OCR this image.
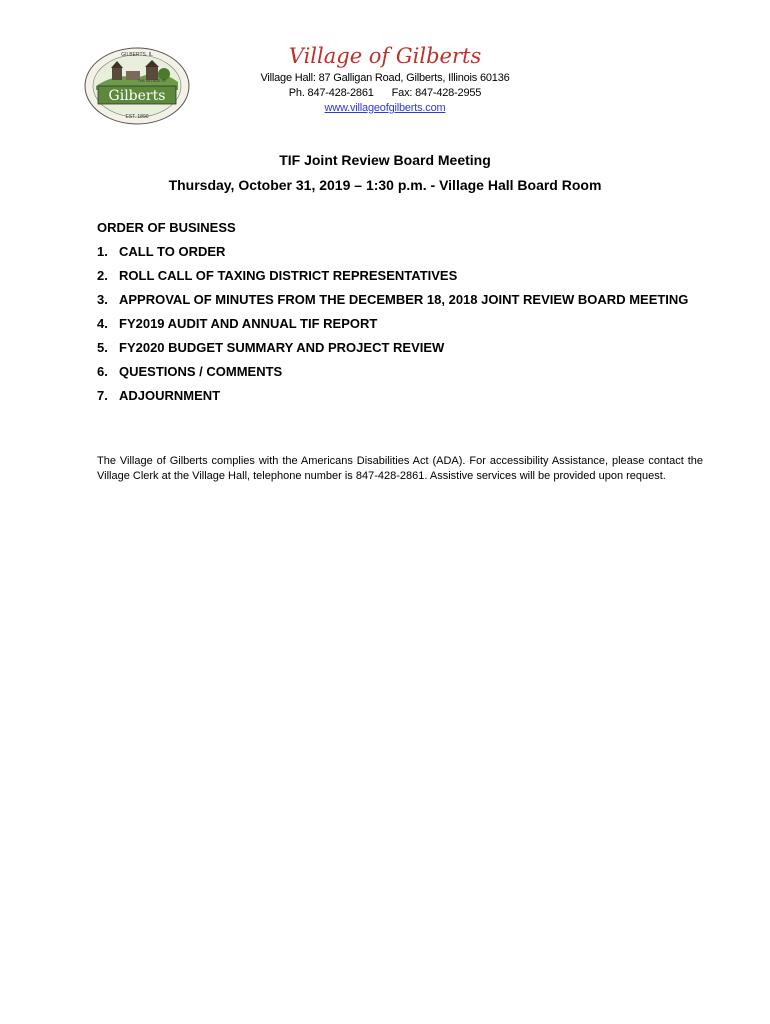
Gilberts
THE VILLAGE OF
GILBERTS, IL
EST. 1890
Village of Gilberts
Village Hall: 87 Galligan Road, Gilberts, Illinois 60136
Ph. 847-428-2861 Fax: 847-428-2955
www.villageofgilberts.com
TIF Joint Review Board Meeting
Thursday, October 31, 2019 – 1:30 p.m. - Village Hall Board Room
ORDER OF BUSINESS
1. CALL TO ORDER
2. ROLL CALL OF TAXING DISTRICT REPRESENTATIVES
3. APPROVAL OF MINUTES FROM THE DECEMBER 18, 2018 JOINT REVIEW BOARD MEETING
4. FY2019 AUDIT AND ANNUAL TIF REPORT
5. FY2020 BUDGET SUMMARY AND PROJECT REVIEW
6. QUESTIONS / COMMENTS
7. ADJOURNMENT
The Village of Gilberts complies with the Americans Disabilities Act (ADA). For accessibility Assistance, please contact the Village Clerk at the Village Hall, telephone number is 847-428-2861. Assistive services will be provided upon request.
